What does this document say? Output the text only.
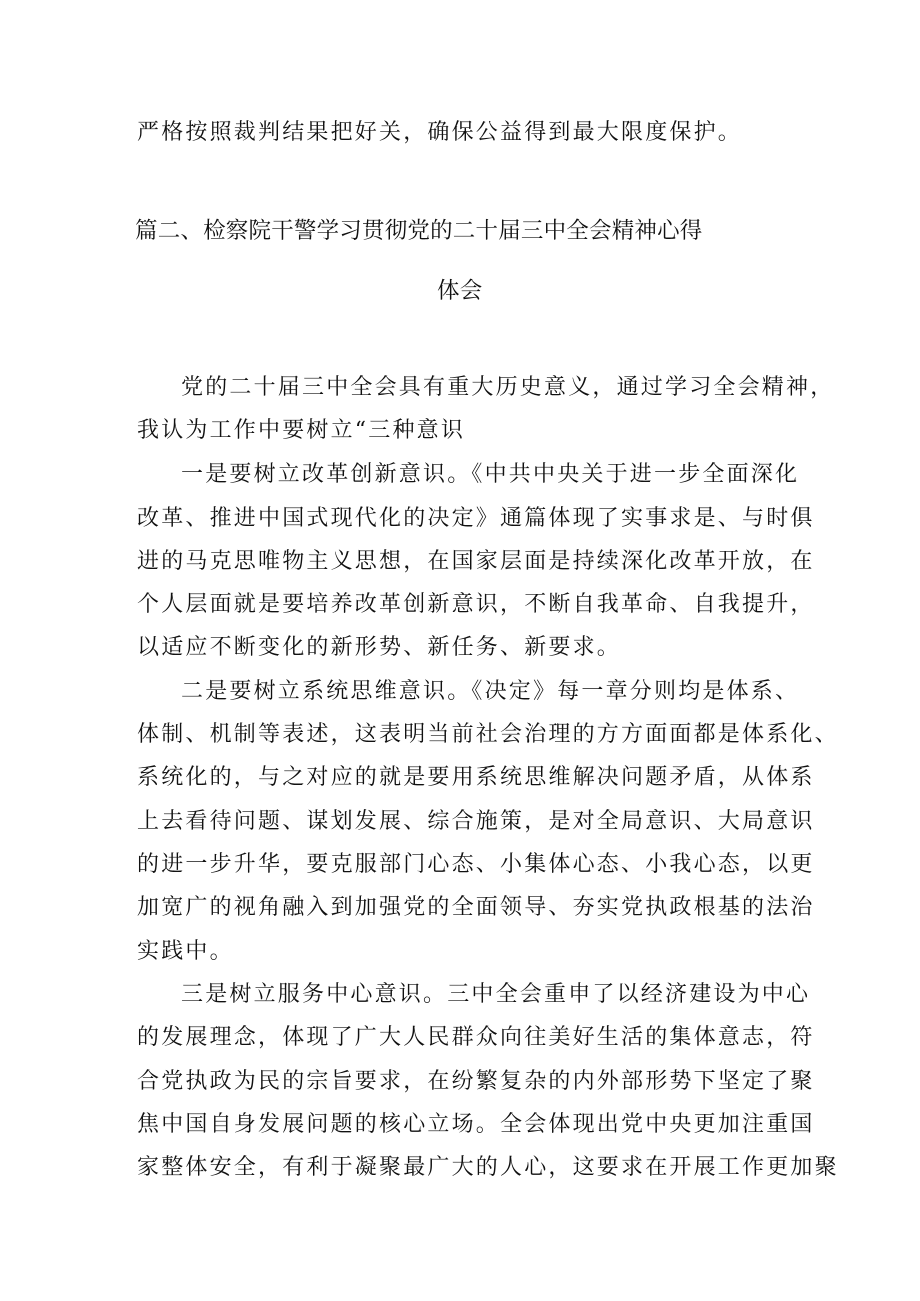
严格按照裁判结果把好关，确保公益得到最大限度保护。
篇二、检察院干警学习贯彻党的二十届三中全会精神心得
体会
党的二十届三中全会具有重大历史意义，通过学习全会精神，
我认为工作中要树立“三种意识
一是要树立改革创新意识。《中共中央关于进一步全面深化
改革、推进中国式现代化的决定》通篇体现了实事求是、与时俱
进的马克思唯物主义思想，在国家层面是持续深化改革开放，在
个人层面就是要培养改革创新意识，不断自我革命、自我提升，
以适应不断变化的新形势、新任务、新要求。
二是要树立系统思维意识。《决定》每一章分则均是体系、
体制、机制等表述，这表明当前社会治理的方方面面都是体系化、
系统化的，与之对应的就是要用系统思维解决问题矛盾，从体系
上去看待问题、谋划发展、综合施策，是对全局意识、大局意识
的进一步升华，要克服部门心态、小集体心态、小我心态，以更
加宽广的视角融入到加强党的全面领导、夯实党执政根基的法治
实践中。
三是树立服务中心意识。三中全会重申了以经济建设为中心
的发展理念，体现了广大人民群众向往美好生活的集体意志，符
合党执政为民的宗旨要求，在纷繁复杂的内外部形势下坚定了聚
焦中国自身发展问题的核心立场。全会体现出党中央更加注重国
家整体安全，有利于凝聚最广大的人心，这要求在开展工作更加聚
